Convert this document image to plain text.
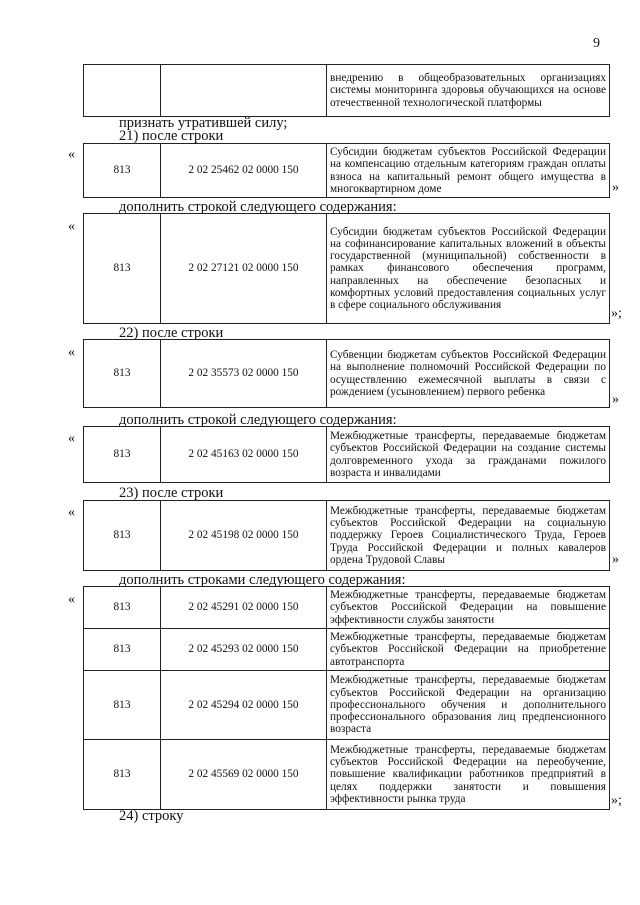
9
		внедрению в общеобразовательных организациях системы мониторинга здоровья обучающихся на основе отечественной технологической платформы
признать утратившей силу;
21) после строки
«
813	2 02 25462 02 0000 150	Субсидии бюджетам субъектов Российской Федерации на компенсацию отдельным категориям граждан оплаты взноса на капитальный ремонт общего имущества в многоквартирном доме	»
дополнить строкой следующего содержания:
«
813	2 02 27121 02 0000 150	Субсидии бюджетам субъектов Российской Федерации на софинансирование капитальных вложений в объекты государственной (муниципальной) собственности в рамках финансового обеспечения программ, направленных на обеспечение безопасных и комфортных условий предоставления социальных услуг в сфере социального обслуживания
»;
22) после строки
«
813	2 02 35573 02 0000 150	Субвенции бюджетам субъектов Российской Федерации на выполнение полномочий Российской Федерации по осуществлению ежемесячной выплаты в связи с рождением (усыновлением) первого ребенка
»
дополнить строкой следующего содержания:
«
813	2 02 45163 02 0000 150	Межбюджетные трансферты, передаваемые бюджетам субъектов Российской Федерации на создание системы долговременного ухода за гражданами пожилого возраста и инвалидами
23) после строки
«
813	2 02 45198 02 0000 150	Межбюджетные трансферты, передаваемые бюджетам субъектов Российской Федерации на социальную поддержку Героев Социалистического Труда, Героев Труда Российской Федерации и полных кавалеров ордена Трудовой Славы	»
дополнить строками следующего содержания:
«
813	2 02 45291 02 0000 150	Межбюджетные трансферты, передаваемые бюджетам субъектов Российской Федерации на повышение эффективности службы занятости
813	2 02 45293 02 0000 150	Межбюджетные трансферты, передаваемые бюджетам субъектов Российской Федерации на приобретение автотранспорта
813	2 02 45294 02 0000 150	Межбюджетные трансферты, передаваемые бюджетам субъектов Российской Федерации на организацию профессионального обучения и дополнительного профессионального образования лиц предпенсионного возраста
813	2 02 45569 02 0000 150	Межбюджетные трансферты, передаваемые бюджетам субъектов Российской Федерации на переобучение, повышение квалификации работников предприятий в целях поддержки занятости и повышения эффективности рынка труда	»;
24) строку
